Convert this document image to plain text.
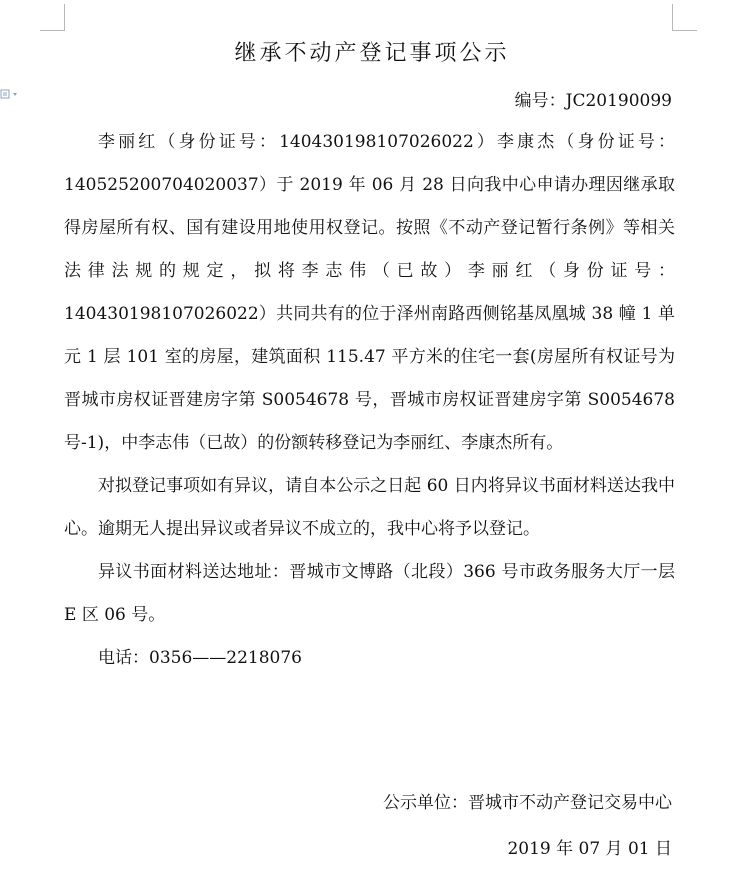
继承不动产登记事项公示
编号：JC20190099

李丽红（身份证号：140430198107026022）李康杰（身份证号：140525200704020037）于 2019 年 06 月 28 日向我中心申请办理因继承取得房屋所有权、国有建设用地使用权登记。按照《不动产登记暂行条例》等相关法律法规的规定，拟将李志伟（已故）李丽红（身份证号：140430198107026022）共同共有的位于泽州南路西侧铭基凤凰城 38 幢 1 单元 1 层 101 室的房屋，建筑面积 115.47 平方米的住宅一套(房屋所有权证号为晋城市房权证晋建房字第 S0054678 号，晋城市房权证晋建房字第 S0054678 号-1)，中李志伟（已故）的份额转移登记为李丽红、李康杰所有。

对拟登记事项如有异议，请自本公示之日起 60 日内将异议书面材料送达我中心。逾期无人提出异议或者异议不成立的，我中心将予以登记。

异议书面材料送达地址：晋城市文博路（北段）366 号市政务服务大厅一层 E 区 06 号。

电话：0356——2218076

公示单位：晋城市不动产登记交易中心
2019 年 07 月 01 日
